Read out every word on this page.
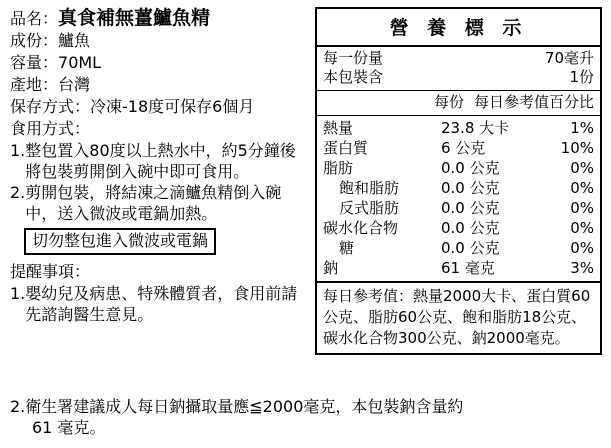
品名： 真食補無薑鱸魚精
成份：鱸魚
容量：70ML
產地：台灣
保存方式：冷凍-18度可保存6個月
食用方式：
1. 整包置入80度以上熱水中，約5分鐘後將包裝剪開倒入碗中即可食用。
2. 剪開包裝，將結凍之滴鱸魚精倒入碗中，送入微波或電鍋加熱。
切勿整包進入微波或電鍋
提醒事項：
1. 嬰幼兒及病患、特殊體質者，食用前請先諮詢醫生意見。
2. 衛生署建議成人每日鈉攝取量應≦2000毫克，本包裝鈉含量約
61 毫克。
營 養 標 示
每一份量	70毫升
本包裝含	1份
每份 每日參考值百分比
熱量	23.8 大卡	1%
蛋白質	6 公克	10%
脂肪	0.0 公克	0%
飽和脂肪	0.0 公克	0%
反式脂肪	0.0 公克	0%
碳水化合物	0.0 公克	0%
糖	0.0 公克	0%
鈉	61 毫克	3%
每日參考值：熱量2000大卡、蛋白質60公克、脂肪60公克、飽和脂肪18公克、碳水化合物300公克、鈉2000毫克。
